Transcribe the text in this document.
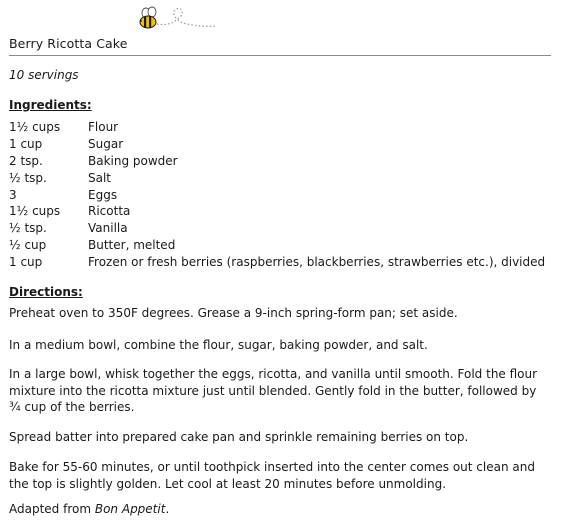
Berry Ricotta Cake
10 servings
Ingredients:
1½ cups	Flour
1 cup	Sugar
2 tsp.	Baking powder
½ tsp.	Salt
3	Eggs
1½ cups	Ricotta
½ tsp.	Vanilla
½ cup	Butter, melted
1 cup	Frozen or fresh berries (raspberries, blackberries, strawberries etc.), divided
Directions:
Preheat oven to 350F degrees. Grease a 9-inch spring-form pan; set aside.
In a medium bowl, combine the flour, sugar, baking powder, and salt.
In a large bowl, whisk together the eggs, ricotta, and vanilla until smooth. Fold the flour mixture into the ricotta mixture just until blended. Gently fold in the butter, followed by ¾ cup of the berries.
Spread batter into prepared cake pan and sprinkle remaining berries on top.
Bake for 55-60 minutes, or until toothpick inserted into the center comes out clean and the top is slightly golden. Let cool at least 20 minutes before unmolding.
Adapted from Bon Appetit.
